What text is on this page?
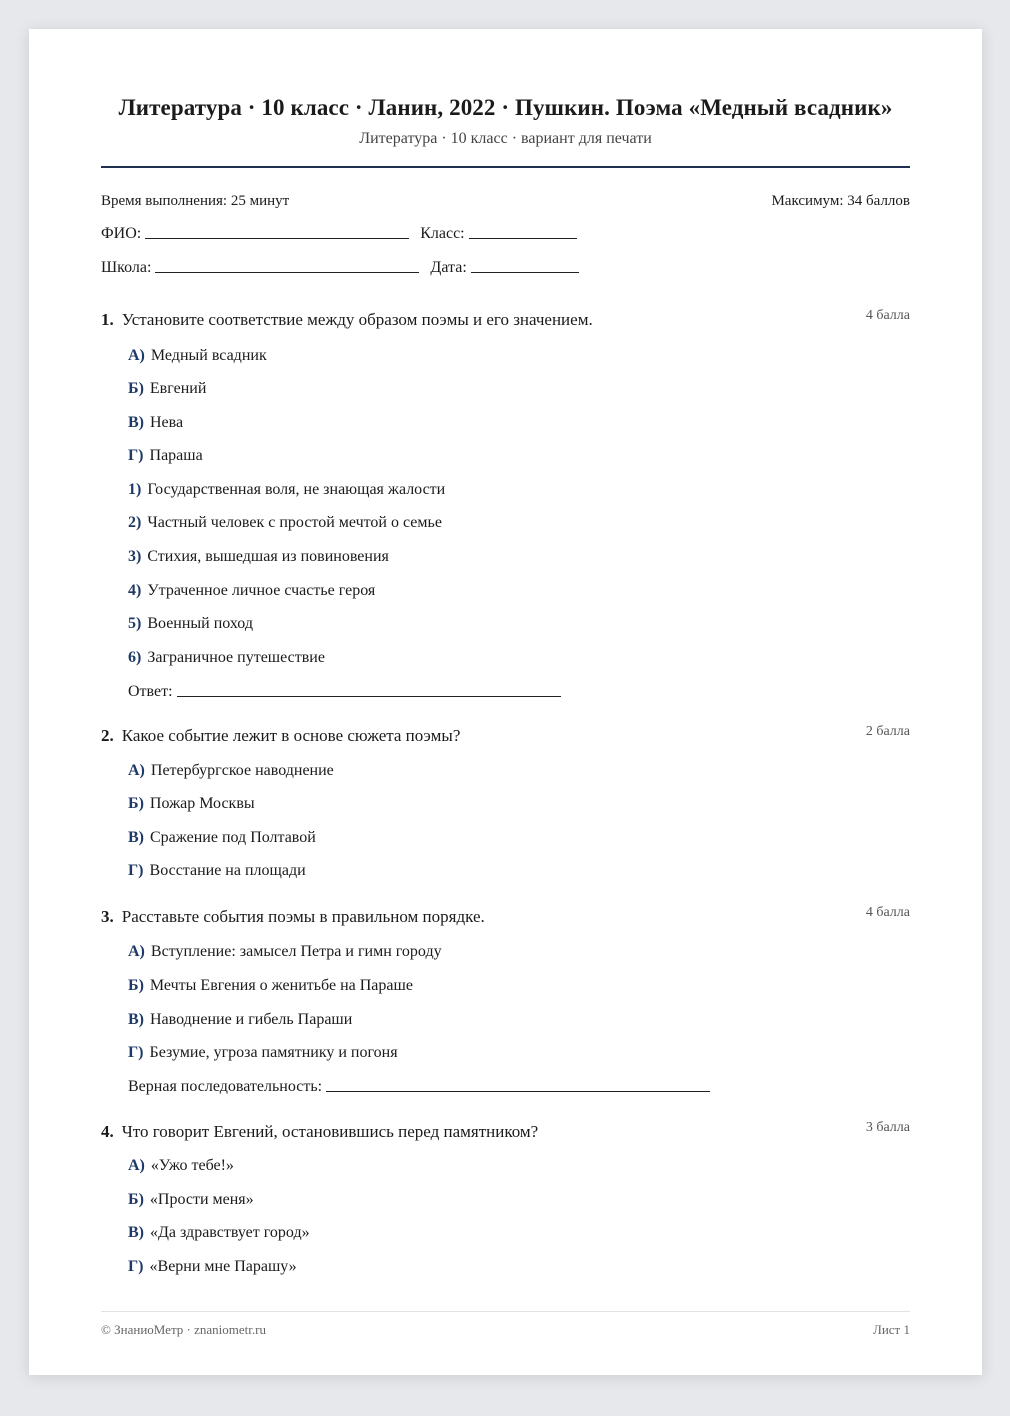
Литература · 10 класс · Ланин, 2022 · Пушкин. Поэма «Медный всадник»
Литература · 10 класс · вариант для печати
Время выполнения: 25 минут	Максимум: 34 баллов
ФИО:	Класс:
Школа:	Дата:
1. Установите соответствие между образом поэмы и его значением.	4 балла
А) Медный всадник
Б) Евгений
В) Нева
Г) Параша
1) Государственная воля, не знающая жалости
2) Частный человек с простой мечтой о семье
3) Стихия, вышедшая из повиновения
4) Утраченное личное счастье героя
5) Военный поход
6) Заграничное путешествие
Ответ:
2. Какое событие лежит в основе сюжета поэмы?	2 балла
А) Петербургское наводнение
Б) Пожар Москвы
В) Сражение под Полтавой
Г) Восстание на площади
3. Расставьте события поэмы в правильном порядке.	4 балла
А) Вступление: замысел Петра и гимн городу
Б) Мечты Евгения о женитьбе на Параше
В) Наводнение и гибель Параши
Г) Безумие, угроза памятнику и погоня
Верная последовательность:
4. Что говорит Евгений, остановившись перед памятником?	3 балла
А) «Ужо тебе!»
Б) «Прости меня»
В) «Да здравствует город»
Г) «Верни мне Парашу»
© ЗнаниоМетр · znaniometr.ru	Лист 1
